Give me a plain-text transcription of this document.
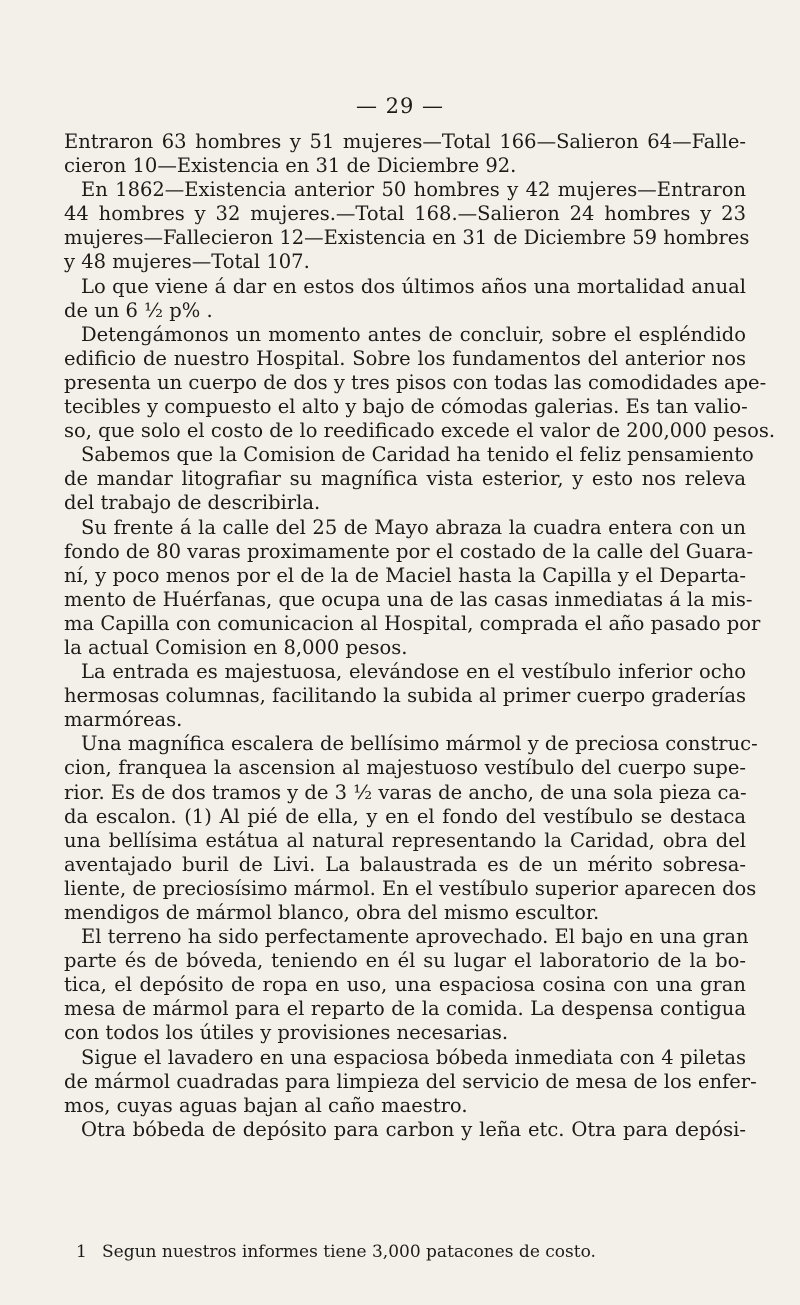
— 29 —
Entraron 63 hombres y 51 mujeres—Total 166—Salieron 64—Falle-
cieron 10—Existencia en 31 de Diciembre 92.
En 1862—Existencia anterior 50 hombres y 42 mujeres—Entraron
44 hombres y 32 mujeres.—Total 168.—Salieron 24 hombres y 23
mujeres—Fallecieron 12—Existencia en 31 de Diciembre 59 hombres
y 48 mujeres—Total 107.
Lo que viene á dar en estos dos últimos años una mortalidad anual
de un 6 ½ p% .
Detengámonos un momento antes de concluir, sobre el espléndido
edificio de nuestro Hospital. Sobre los fundamentos del anterior nos
presenta un cuerpo de dos y tres pisos con todas las comodidades ape-
tecibles y compuesto el alto y bajo de cómodas galerias. Es tan valio-
so, que solo el costo de lo reedificado excede el valor de 200,000 pesos.
Sabemos que la Comision de Caridad ha tenido el feliz pensamiento
de mandar litografiar su magnífica vista esterior, y esto nos releva
del trabajo de describirla.
Su frente á la calle del 25 de Mayo abraza la cuadra entera con un
fondo de 80 varas proximamente por el costado de la calle del Guara-
ní, y poco menos por el de la de Maciel hasta la Capilla y el Departa-
mento de Huérfanas, que ocupa una de las casas inmediatas á la mis-
ma Capilla con comunicacion al Hospital, comprada el año pasado por
la actual Comision en 8,000 pesos.
La entrada es majestuosa, elevándose en el vestíbulo inferior ocho
hermosas columnas, facilitando la subida al primer cuerpo graderías
marmóreas.
Una magnífica escalera de bellísimo mármol y de preciosa construc-
cion, franquea la ascension al majestuoso vestíbulo del cuerpo supe-
rior. Es de dos tramos y de 3 ½ varas de ancho, de una sola pieza ca-
da escalon. (1) Al pié de ella, y en el fondo del vestíbulo se destaca
una bellísima estátua al natural representando la Caridad, obra del
aventajado buril de Livi. La balaustrada es de un mérito sobresa-
liente, de preciosísimo mármol. En el vestíbulo superior aparecen dos
mendigos de mármol blanco, obra del mismo escultor.
El terreno ha sido perfectamente aprovechado. El bajo en una gran
parte és de bóveda, teniendo en él su lugar el laboratorio de la bo-
tica, el depósito de ropa en uso, una espaciosa cosina con una gran
mesa de mármol para el reparto de la comida. La despensa contigua
con todos los útiles y provisiones necesarias.
Sigue el lavadero en una espaciosa bóbeda inmediata con 4 piletas
de mármol cuadradas para limpieza del servicio de mesa de los enfer-
mos, cuyas aguas bajan al caño maestro.
Otra bóbeda de depósito para carbon y leña etc. Otra para depósi-
1 Segun nuestros informes tiene 3,000 patacones de costo.
